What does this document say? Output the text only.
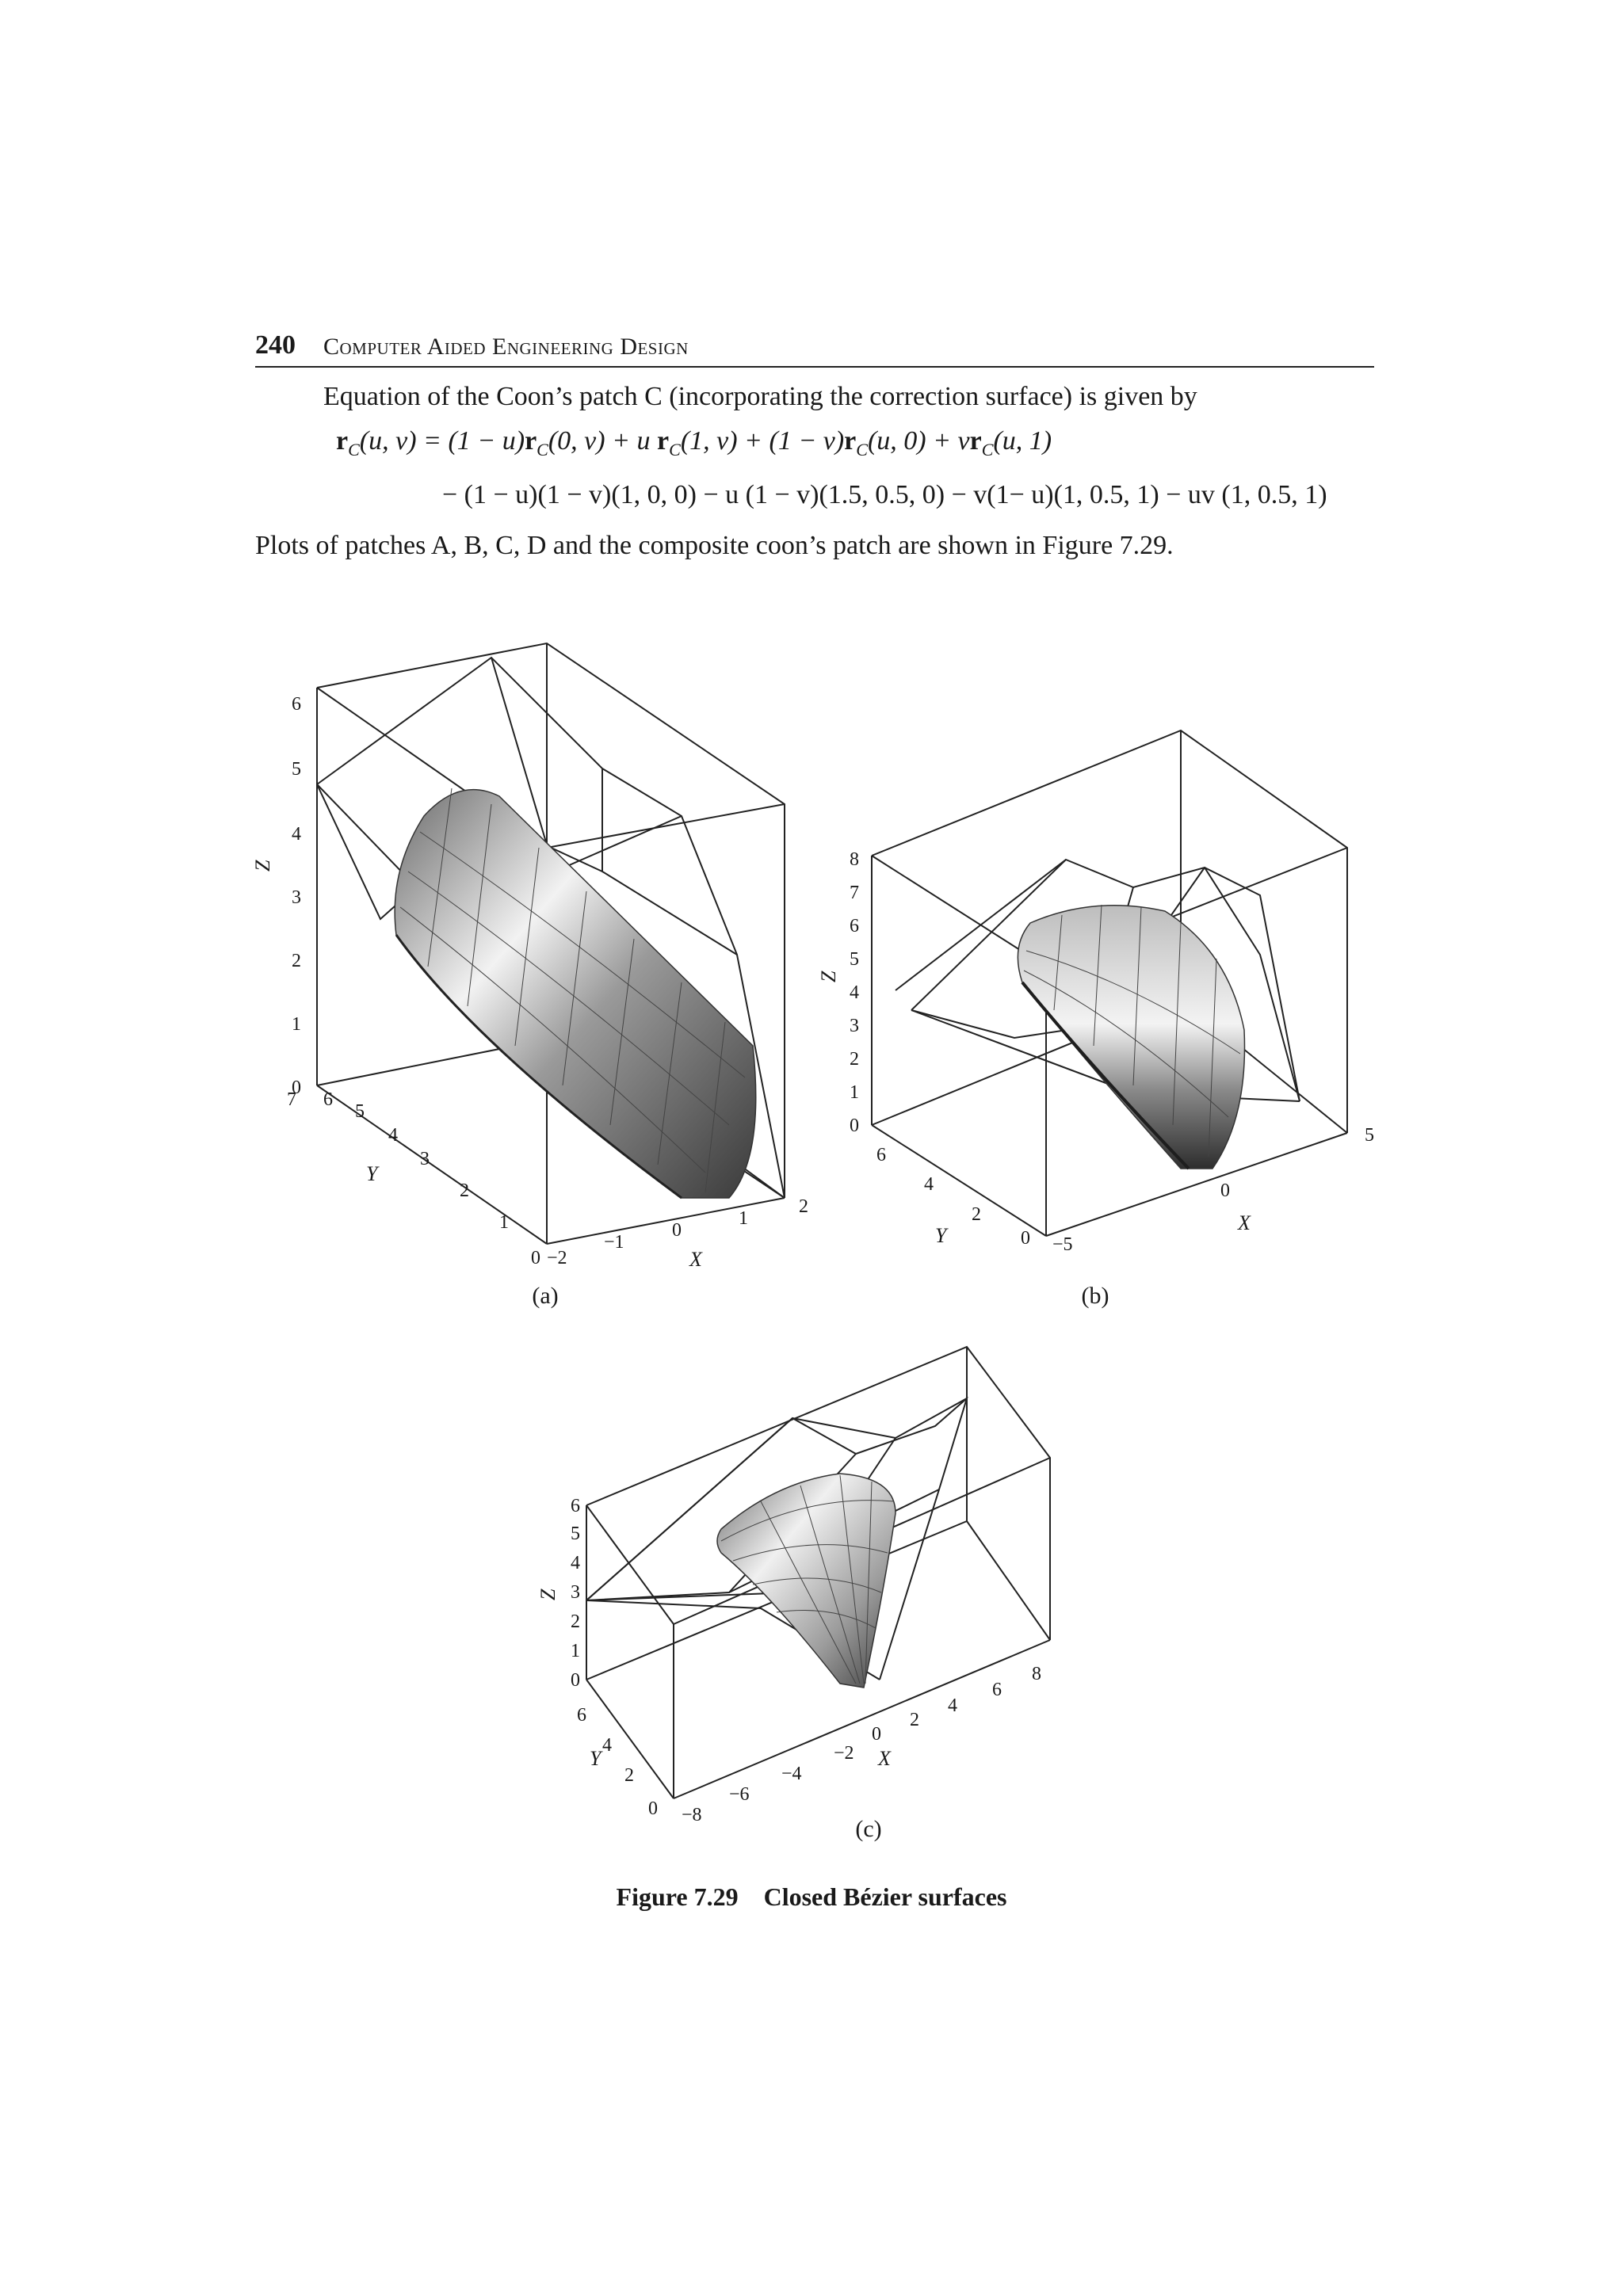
240 Computer Aided Engineering Design
Equation of the Coon’s patch C (incorporating the correction surface) is given by
$r_C(u$, $v) = (1 - u)r_C(0$, v) + u $r_C(1$, $v) + (1 - v)r_C(u$, $0) + vr_C(u$, 1)
− (1 − u)(1 − v)(1, 0, 0) − u (1 − v)(1.5, 0.5, 0) − v(1− u)(1, 0.5, 1) − uv (1, 0.5, 1)
Plots of patches A, B, C, D and the composite coon’s patch are shown in Figure 7.29.
0
1
2
3
4
5
6
Z
0
1
2
3
4
5
6
7
Y
−2
−1
0
1
2
X
(a)
0
1
2
3
4
5
6
7
8
Z
0
2
4
6
Y	−5
0
5
X
(b)
0
1
2
3
4
5
6
Z
0
2
4
6
Y
−8
−6
−4
−2
0
2
4
6
8
X
(c)
Figure 7.29    Closed Bézier surfaces
